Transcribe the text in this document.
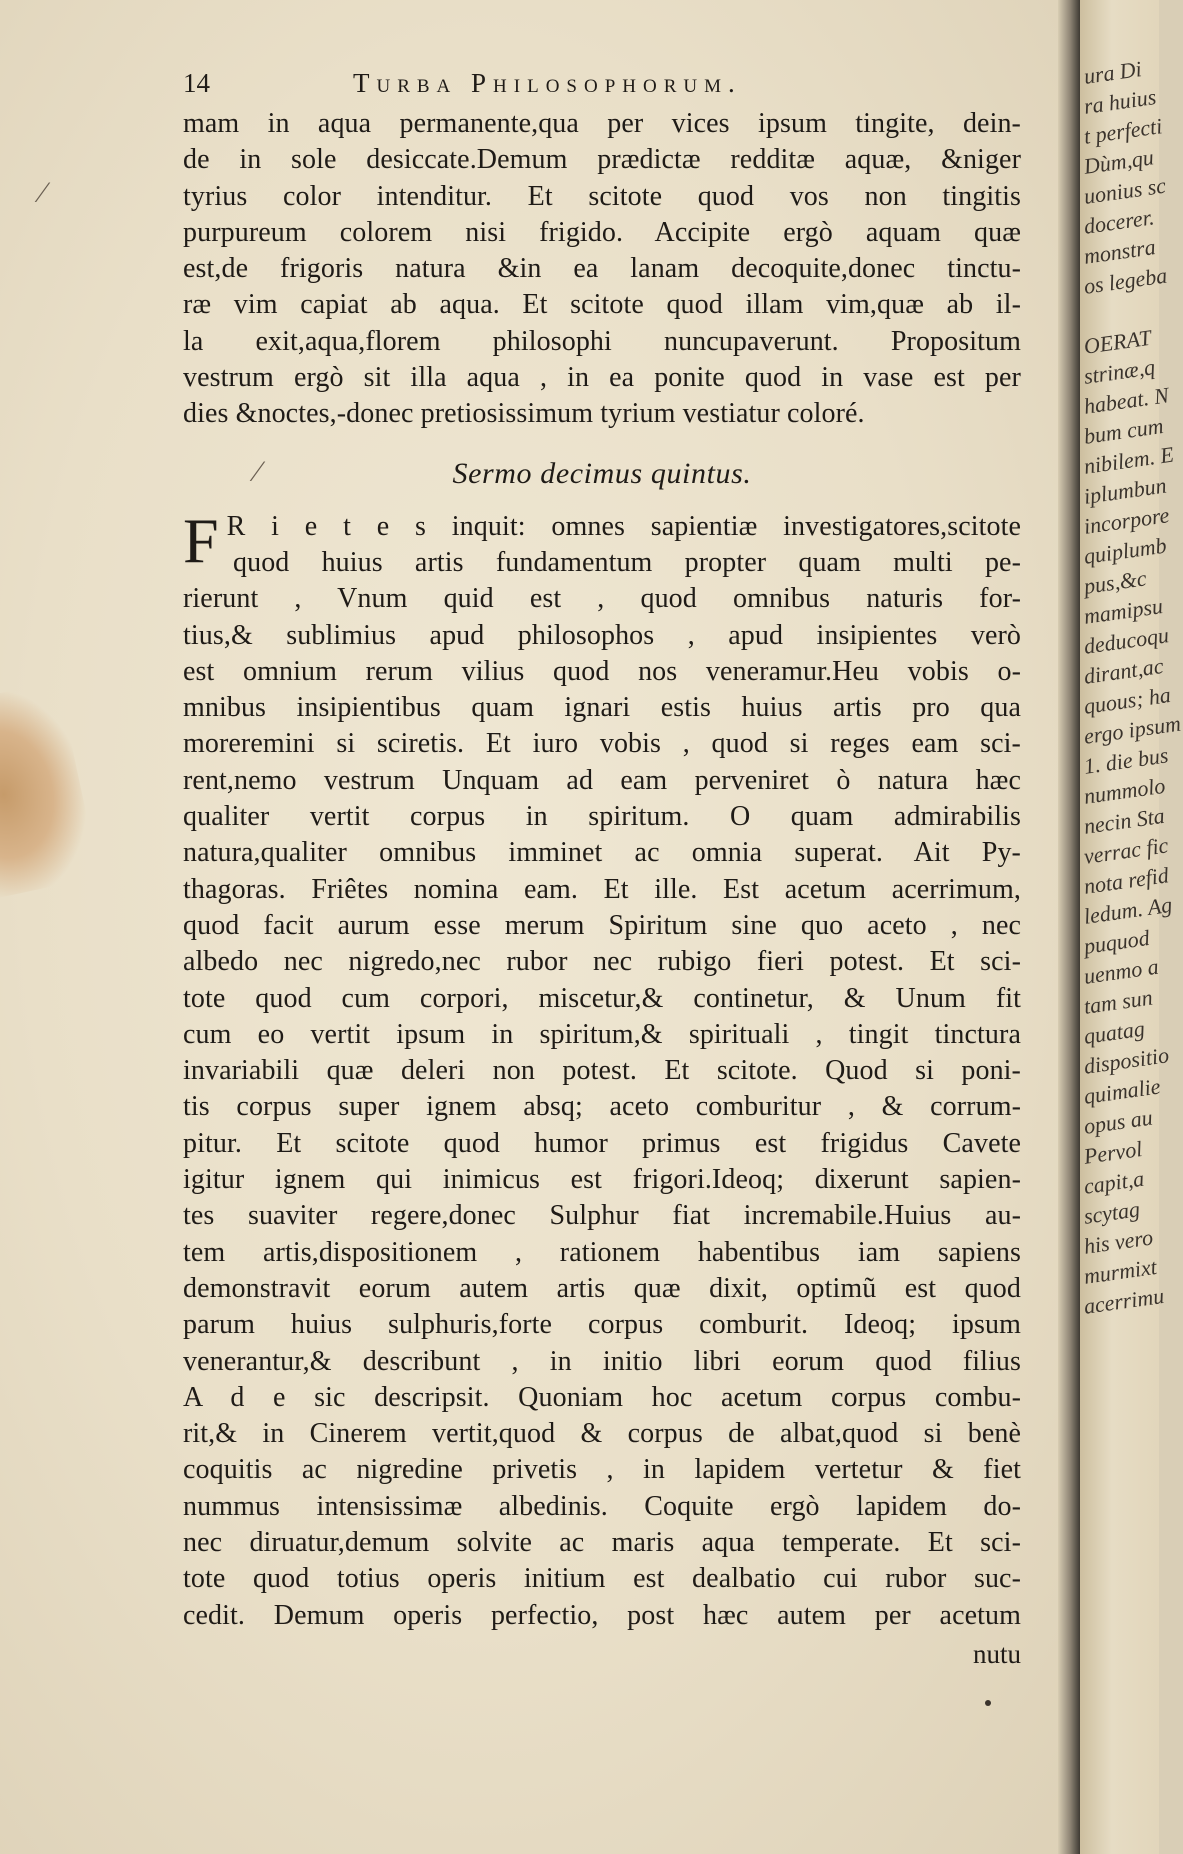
14	Turba Philosophorum.
mam in aqua permanente,qua per vices ipsum tingite, dein-
de in sole desiccate.Demum prædictæ redditæ aquæ, &niger
tyrius color intenditur. Et scitote quod vos non tingitis
purpureum colorem nisi frigido. Accipite ergò aquam quæ
est,de frigoris natura &in ea lanam decoquite,donec tinctu-
ræ vim capiat ab aqua. Et scitote quod illam vim,quæ ab il-
la exit,aqua,florem philosophi nuncupaverunt. Propositum
vestrum ergò sit illa aqua , in ea ponite quod in vase est per
dies &noctes,-donec pretiosissimum tyrium vestiatur coloré.
Sermo decimus quintus.
F R i e t e s inquit: omnes sapientiæ investigatores,scitote
quod huius artis fundamentum propter quam multi pe-
rierunt , Vnum quid est , quod omnibus naturis for-
tius,& sublimius apud philosophos , apud insipientes verò
est omnium rerum vilius quod nos veneramur.Heu vobis o-
mnibus insipientibus quam ignari estis huius artis pro qua
moreremini si sciretis. Et iuro vobis , quod si reges eam sci-
rent,nemo vestrum Unquam ad eam perveniret ò natura hæc
qualiter vertit corpus in spiritum. O quam admirabilis
natura,qualiter omnibus imminet ac omnia superat. Ait Py-
thagoras. Friêtes nomina eam. Et ille. Est acetum acerrimum,
quod facit aurum esse merum Spiritum sine quo aceto , nec
albedo nec nigredo,nec rubor nec rubigo fieri potest. Et sci-
tote quod cum corpori, miscetur,& continetur, & Unum fit
cum eo vertit ipsum in spiritum,& spirituali , tingit tinctura
invariabili quæ deleri non potest. Et scitote. Quod si poni-
tis corpus super ignem absq; aceto comburitur , & corrum-
pitur. Et scitote quod humor primus est frigidus Cavete
igitur ignem qui inimicus est frigori.Ideoq; dixerunt sapien-
tes suaviter regere,donec Sulphur fiat incremabile.Huius au-
tem artis,dispositionem , rationem habentibus iam sapiens
demonstravit eorum autem artis quæ dixit, optimũ est quod
parum huius sulphuris,forte corpus comburit. Ideoq; ipsum
venerantur,& describunt , in initio libri eorum quod filius
A d e sic descripsit. Quoniam hoc acetum corpus combu-
rit,& in Cinerem vertit,quod & corpus de albat,quod si benè
coquitis ac nigredine privetis , in lapidem vertetur & fiet
nummus intensissimæ albedinis. Coquite ergò lapidem do-
nec diruatur,demum solvite ac maris aqua temperate. Et sci-
tote quod totius operis initium est dealbatio cui rubor suc-
cedit. Demum operis perfectio, post hæc autem per acetum
nutu
⁄
⁄
ura Di
ra huius
t perfecti
Dùm,qu
uonius sc
docerer.
monstra
os legeba
OERAT
strinæ,q
habeat. N
bum cum
nibilem. E
iplumbun
incorpore
quiplumb
pus,&c
mamipsu
deducoqu
dirant,ac
quous; ha
ergo ipsum
1. die bus
nummolo
necin Sta
verrac fic
nota refid
ledum. Ag
puquod
uenmo a
tam sun
quatag
dispositio
quimalie
opus au
Pervol
capit,a
scytag
his vero
murmixt
acerrimu
